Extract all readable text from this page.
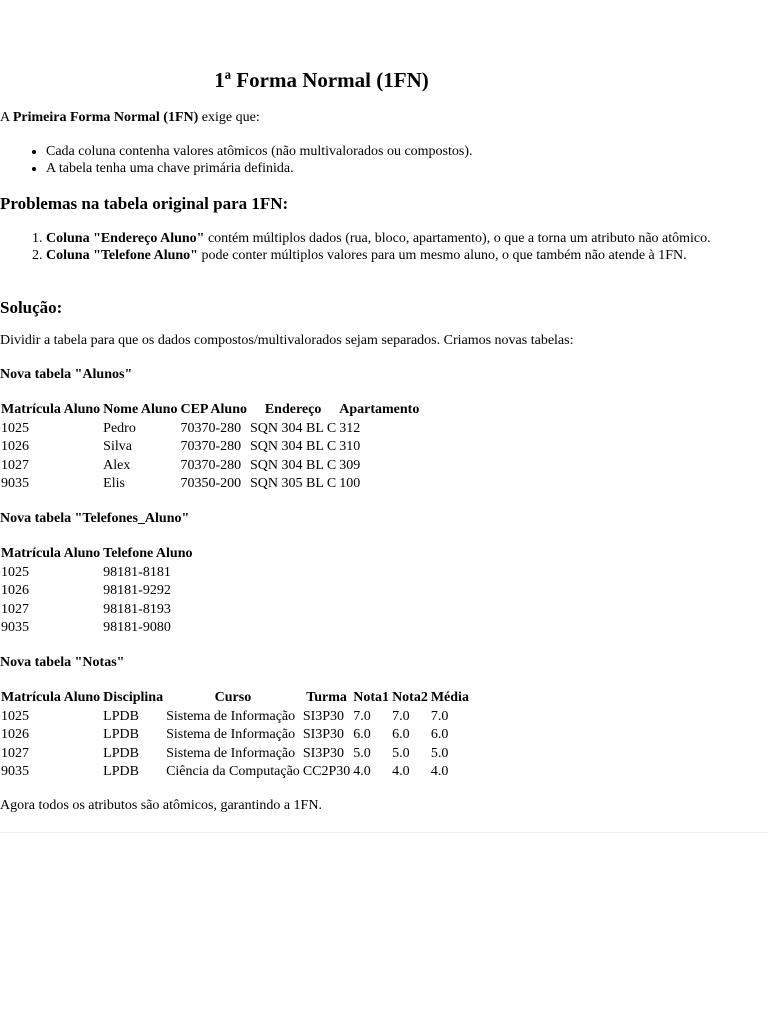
1ª Forma Normal (1FN)

A Primeira Forma Normal (1FN) exige que:

• Cada coluna contenha valores atômicos (não multivalorados ou compostos).
• A tabela tenha uma chave primária definida.
Problemas na tabela original para 1FN:
1. Coluna "Endereço Aluno" contém múltiplos dados (rua, bloco, apartamento), o que a torna um atributo não atômico.
2. Coluna "Telefone Aluno" pode conter múltiplos valores para um mesmo aluno, o que também não atende à 1FN.
Solução:

Dividir a tabela para que os dados compostos/multivalorados sejam separados. Criamos novas tabelas:

Nova tabela "Alunos"
Matrícula Aluno	Nome Aluno	CEP Aluno	Endereço	Apartamento
1025	Pedro	70370-280	SQN 304 BL C	312
1026	Silva	70370-280	SQN 304 BL C	310
1027	Alex	70370-280	SQN 304 BL C	309
9035	Elis	70350-200	SQN 305 BL C	100
Nova tabela "Telefones_Aluno"
Matrícula Aluno	Telefone Aluno
1025	98181-8181
1026	98181-9292
1027	98181-8193
9035	98181-9080
Nova tabela "Notas"
Matrícula Aluno	Disciplina	Curso	Turma	Nota1	Nota2	Média
1025	LPDB	Sistema de Informação	SI3P30	7.0	7.0	7.0
1026	LPDB	Sistema de Informação	SI3P30	6.0	6.0	6.0
1027	LPDB	Sistema de Informação	SI3P30	5.0	5.0	5.0
9035	LPDB	Ciência da Computação	CC2P30	4.0	4.0	4.0

Agora todos os atributos são atômicos, garantindo a 1FN.
